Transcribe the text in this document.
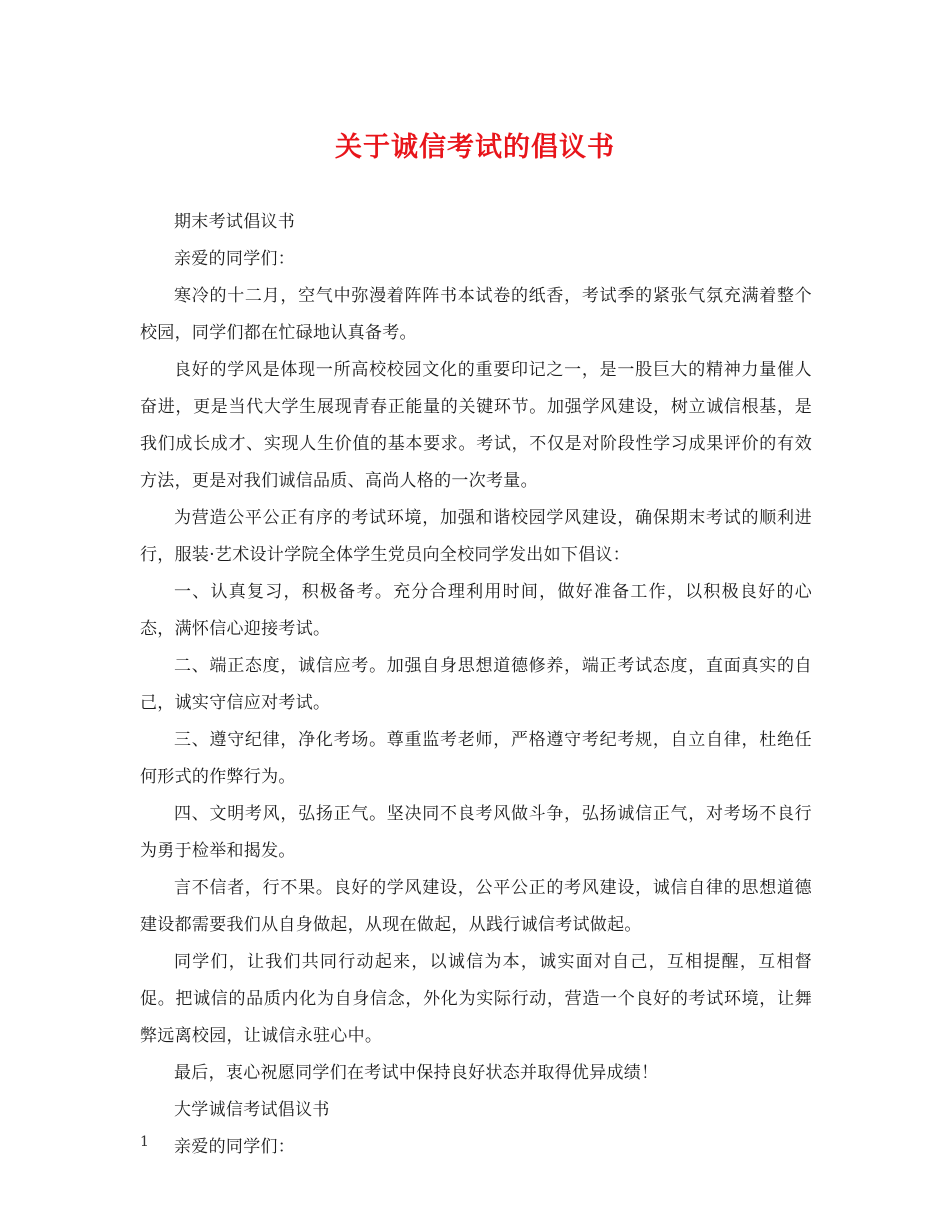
关于诚信考试的倡议书

期末考试倡议书

亲爱的同学们：

寒冷的十二月，空气中弥漫着阵阵书本试卷的纸香，考试季的紧张气氛充满着整个校园，同学们都在忙碌地认真备考。

良好的学风是体现一所高校校园文化的重要印记之一，是一股巨大的精神力量催人奋进，更是当代大学生展现青春正能量的关键环节。加强学风建设，树立诚信根基，是我们成长成才、实现人生价值的基本要求。考试，不仅是对阶段性学习成果评价的有效方法，更是对我们诚信品质、高尚人格的一次考量。

为营造公平公正有序的考试环境，加强和谐校园学风建设，确保期末考试的顺利进行，服装·艺术设计学院全体学生党员向全校同学发出如下倡议：

一、认真复习，积极备考。充分合理利用时间，做好准备工作，以积极良好的心态，满怀信心迎接考试。

二、端正态度，诚信应考。加强自身思想道德修养，端正考试态度，直面真实的自己，诚实守信应对考试。

三、遵守纪律，净化考场。尊重监考老师，严格遵守考纪考规，自立自律，杜绝任何形式的作弊行为。

四、文明考风，弘扬正气。坚决同不良考风做斗争，弘扬诚信正气，对考场不良行为勇于检举和揭发。

言不信者，行不果。良好的学风建设，公平公正的考风建设，诚信自律的思想道德建设都需要我们从自身做起，从现在做起，从践行诚信考试做起。

同学们，让我们共同行动起来，以诚信为本，诚实面对自己，互相提醒，互相督促。把诚信的品质内化为自身信念，外化为实际行动，营造一个良好的考试环境，让舞弊远离校园，让诚信永驻心中。

最后，衷心祝愿同学们在考试中保持良好状态并取得优异成绩！

大学诚信考试倡议书

亲爱的同学们：

1
